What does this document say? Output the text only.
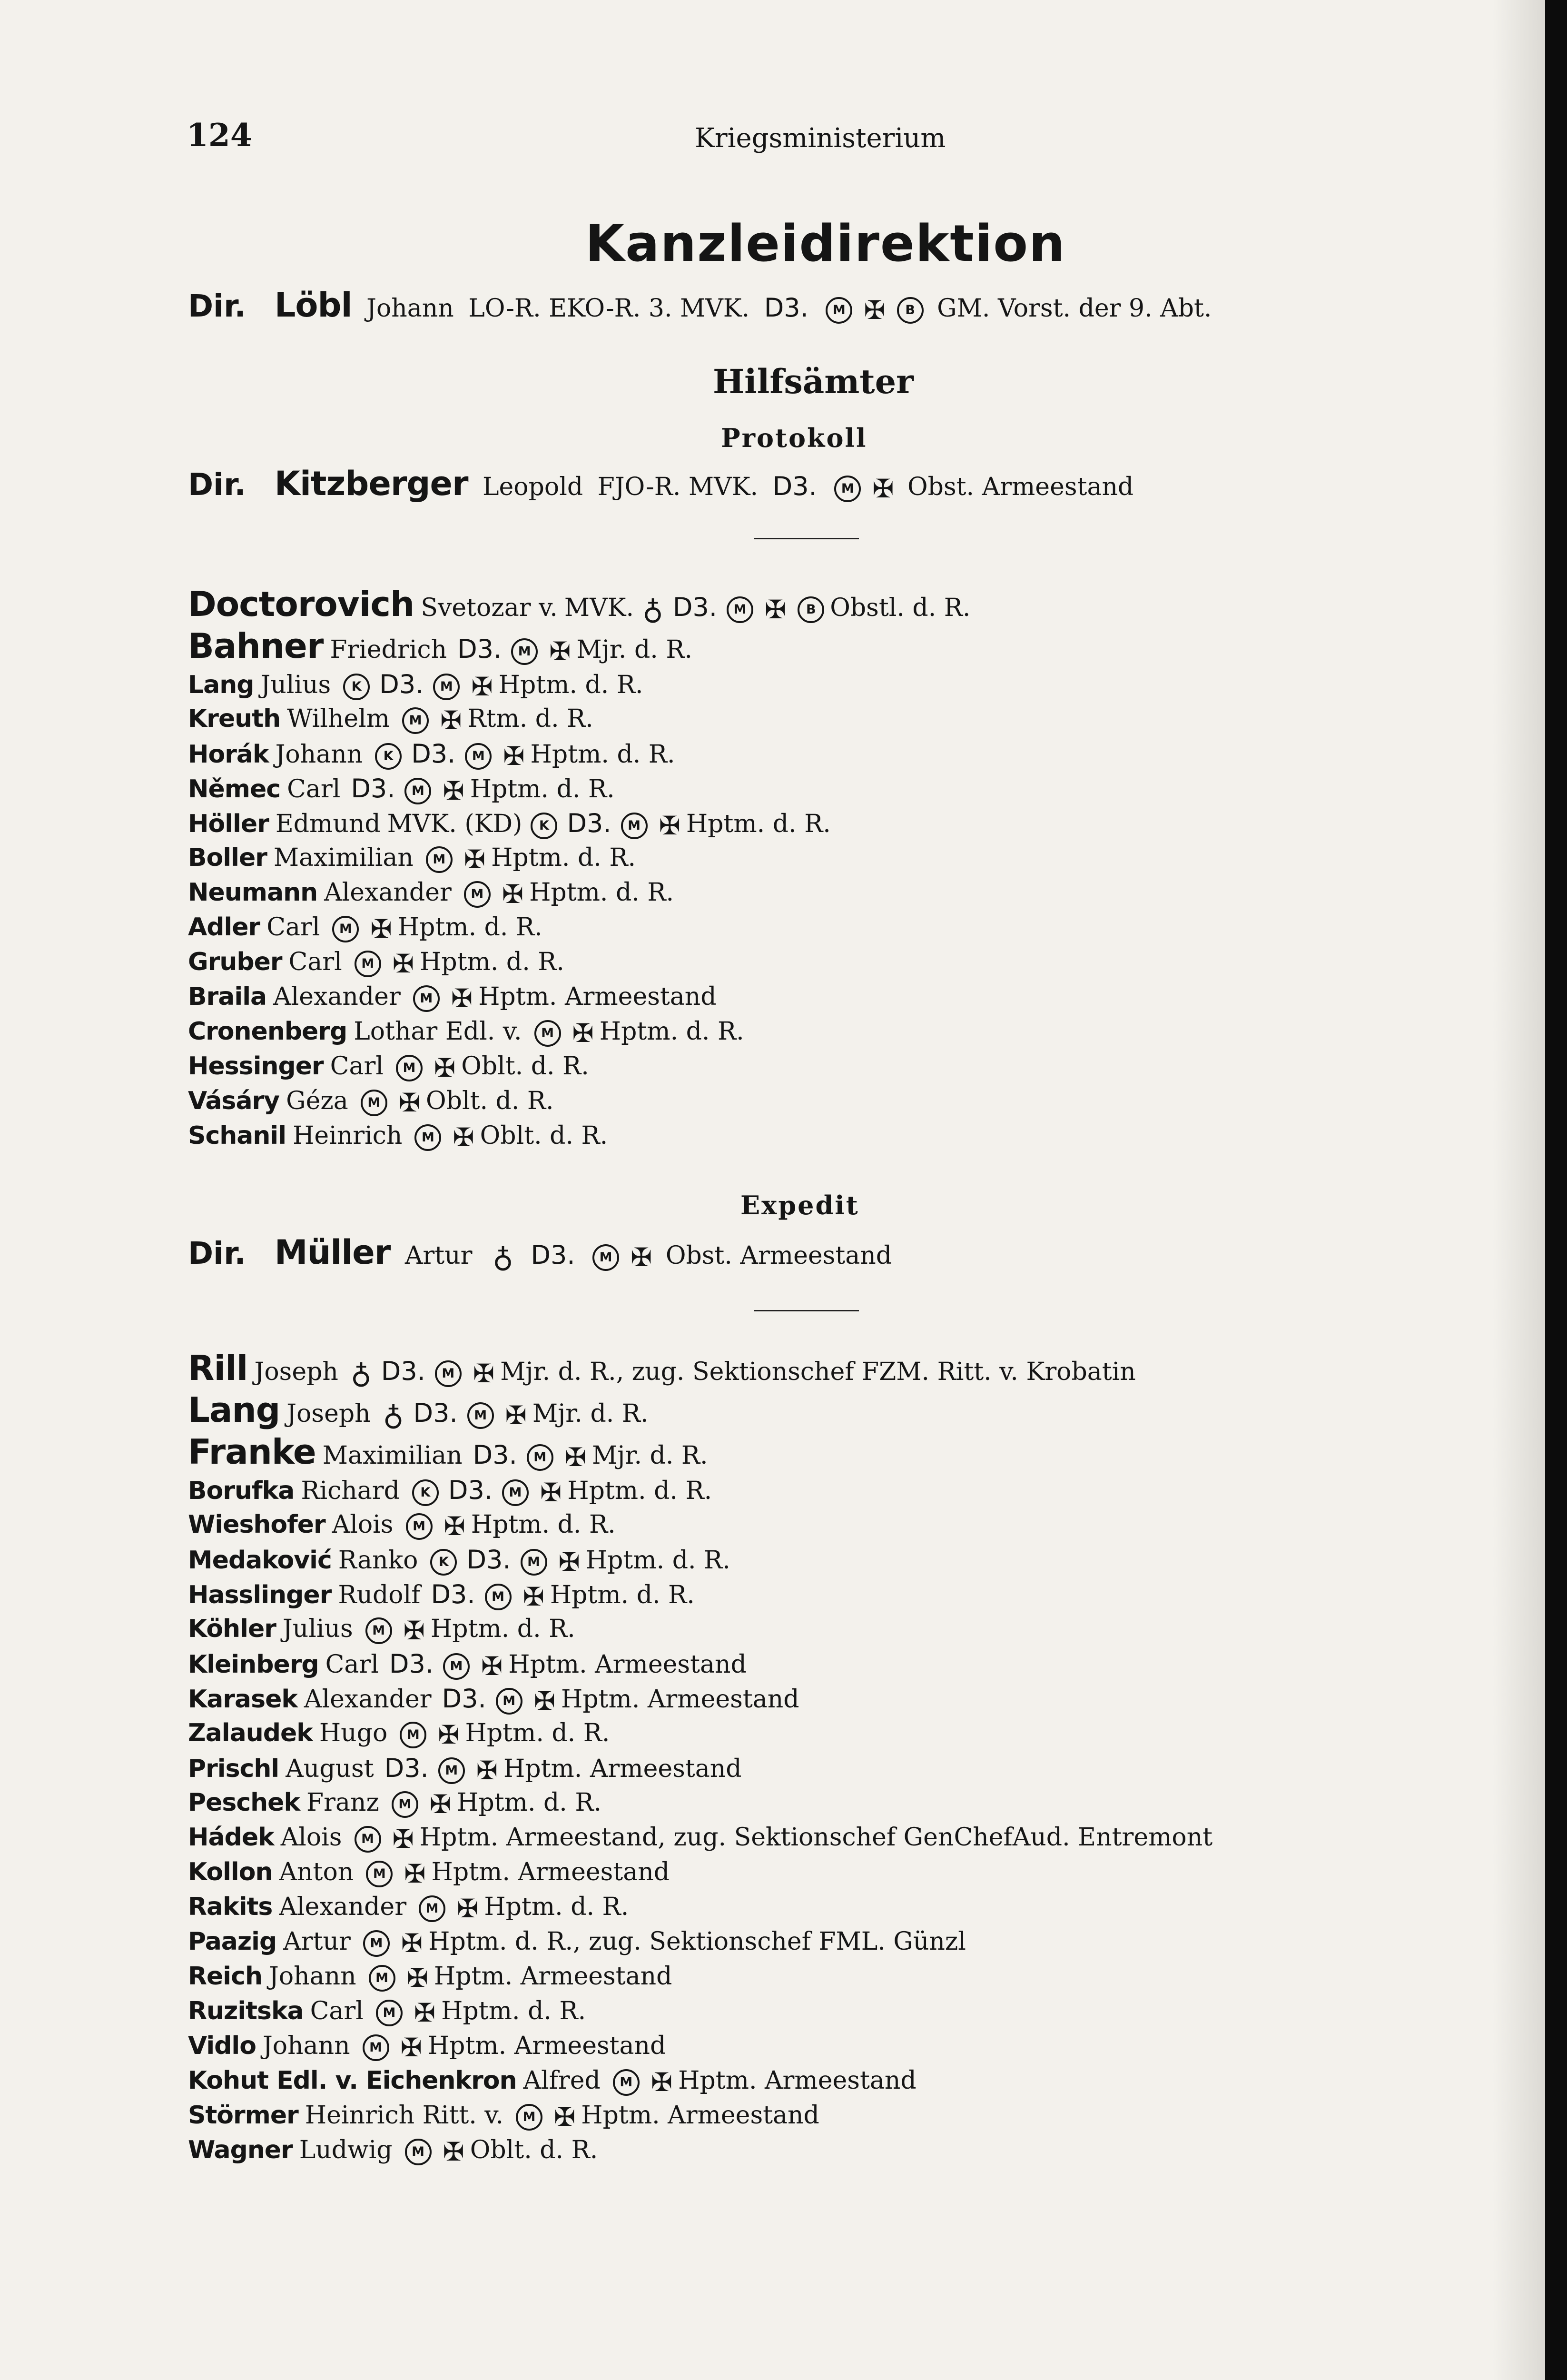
124	Kriegsministerium
Kanzleidirektion
Dir. Löbl Johann LO-R. EKO-R. 3. MVK. D3. M ✠ B GM. Vorst. der 9. Abt.
Hilfsämter
Protokoll
Dir. Kitzberger Leopold FJO-R. MVK. D3. M ✠ Obst. Armeestand
Doctorovich Svetozar v. MVK. ♁ D3. M ✠ B Obstl. d. R.
Bahner Friedrich D3. M ✠ Mjr. d. R.
Lang Julius K D3. M ✠ Hptm. d. R.
Kreuth Wilhelm M ✠ Rtm. d. R.
Horák Johann K D3. M ✠ Hptm. d. R.
Němec Carl D3. M ✠ Hptm. d. R.
Höller Edmund MVK. (KD) K D3. M ✠ Hptm. d. R.
Boller Maximilian M ✠ Hptm. d. R.
Neumann Alexander M ✠ Hptm. d. R.
Adler Carl M ✠ Hptm. d. R.
Gruber Carl M ✠ Hptm. d. R.
Braila Alexander M ✠ Hptm. Armeestand
Cronenberg Lothar Edl. v. M ✠ Hptm. d. R.
Hessinger Carl M ✠ Oblt. d. R.
Vásáry Géza M ✠ Oblt. d. R.
Schanil Heinrich M ✠ Oblt. d. R.
Expedit
Dir. Müller Artur ♁ D3. M ✠ Obst. Armeestand
Rill Joseph ♁ D3. M ✠ Mjr. d. R., zug. Sektionschef FZM. Ritt. v. Krobatin
Lang Joseph ♁ D3. M ✠ Mjr. d. R.
Franke Maximilian D3. M ✠ Mjr. d. R.
Borufka Richard K D3. M ✠ Hptm. d. R.
Wieshofer Alois M ✠ Hptm. d. R.
Medaković Ranko K D3. M ✠ Hptm. d. R.
Hasslinger Rudolf D3. M ✠ Hptm. d. R.
Köhler Julius M ✠ Hptm. d. R.
Kleinberg Carl D3. M ✠ Hptm. Armeestand
Karasek Alexander D3. M ✠ Hptm. Armeestand
Zalaudek Hugo M ✠ Hptm. d. R.
Prischl August D3. M ✠ Hptm. Armeestand
Peschek Franz M ✠ Hptm. d. R.
Hádek Alois M ✠ Hptm. Armeestand, zug. Sektionschef GenChefAud. Entremont
Kollon Anton M ✠ Hptm. Armeestand
Rakits Alexander M ✠ Hptm. d. R.
Paazig Artur M ✠ Hptm. d. R., zug. Sektionschef FML. Günzl
Reich Johann M ✠ Hptm. Armeestand
Ruzitska Carl M ✠ Hptm. d. R.
Vidlo Johann M ✠ Hptm. Armeestand
Kohut Edl. v. Eichenkron Alfred M ✠ Hptm. Armeestand
Störmer Heinrich Ritt. v. M ✠ Hptm. Armeestand
Wagner Ludwig M ✠ Oblt. d. R.
